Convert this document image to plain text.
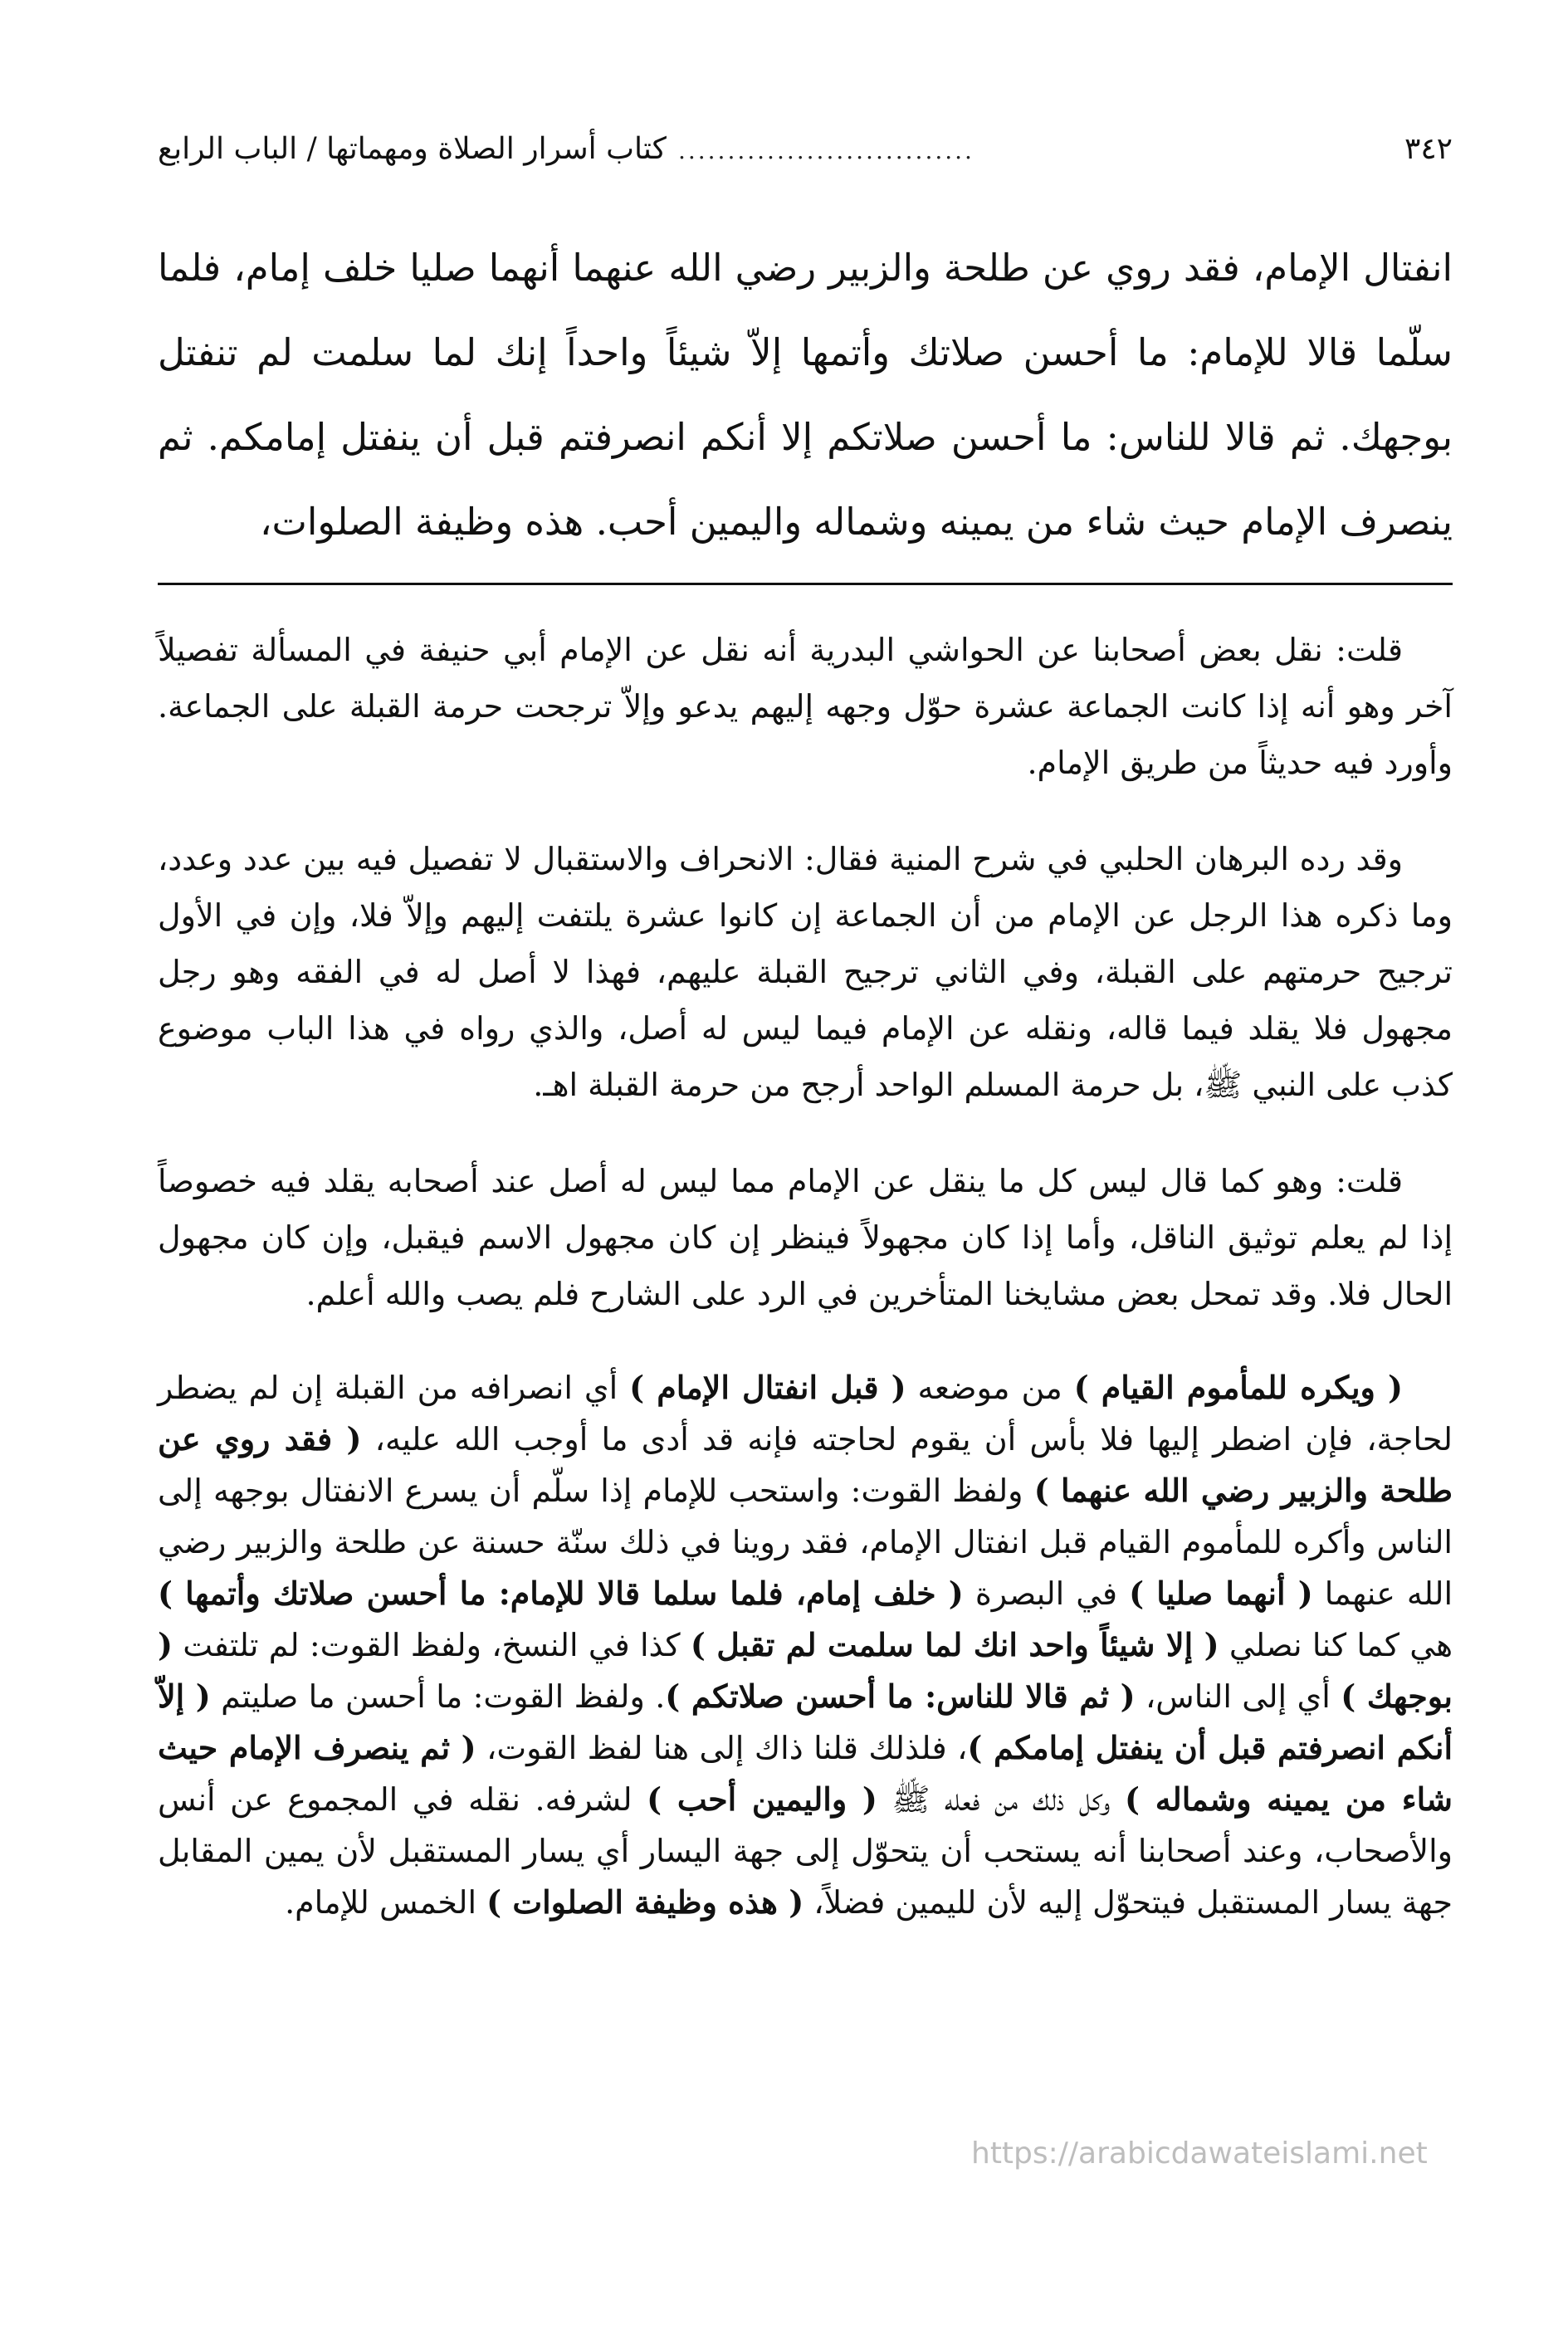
٣٤٢
..............................
كتاب أسرار الصلاة ومهماتها / الباب الرابع
انفتال الإمام، فقد روي عن طلحة والزبير رضي الله عنهما أنهما صليا خلف إمام، فلما سلّما قالا للإمام: ما أحسن صلاتك وأتمها إلاّ شيئاً واحداً إنك لما سلمت لم تنفتل بوجهك. ثم قالا للناس: ما أحسن صلاتكم إلا أنكم انصرفتم قبل أن ينفتل إمامكم. ثم ينصرف الإمام حيث شاء من يمينه وشماله واليمين أحب. هذه وظيفة الصلوات،

قلت: نقل بعض أصحابنا عن الحواشي البدرية أنه نقل عن الإمام أبي حنيفة في المسألة تفصيلاً آخر وهو أنه إذا كانت الجماعة عشرة حوّل وجهه إليهم يدعو وإلاّ ترجحت حرمة القبلة على الجماعة. وأورد فيه حديثاً من طريق الإمام.

وقد رده البرهان الحلبي في شرح المنية فقال: الانحراف والاستقبال لا تفصيل فيه بين عدد وعدد، وما ذكره هذا الرجل عن الإمام من أن الجماعة إن كانوا عشرة يلتفت إليهم وإلاّ فلا، وإن في الأول ترجيح حرمتهم على القبلة، وفي الثاني ترجيح القبلة عليهم، فهذا لا أصل له في الفقه وهو رجل مجهول فلا يقلد فيما قاله، ونقله عن الإمام فيما ليس له أصل، والذي رواه في هذا الباب موضوع كذب على النبي ﷺ، بل حرمة المسلم الواحد أرجح من حرمة القبلة اهـ.

قلت: وهو كما قال ليس كل ما ينقل عن الإمام مما ليس له أصل عند أصحابه يقلد فيه خصوصاً إذا لم يعلم توثيق الناقل، وأما إذا كان مجهولاً فينظر إن كان مجهول الاسم فيقبل، وإن كان مجهول الحال فلا. وقد تمحل بعض مشايخنا المتأخرين في الرد على الشارح فلم يصب والله أعلم.

( ويكره للمأموم القيام ) من موضعه ( قبل انفتال الإمام ) أي انصرافه من القبلة إن لم يضطر لحاجة، فإن اضطر إليها فلا بأس أن يقوم لحاجته فإنه قد أدى ما أوجب الله عليه، ( فقد روي عن طلحة والزبير رضي الله عنهما ) ولفظ القوت: واستحب للإمام إذا سلّم أن يسرع الانفتال بوجهه إلى الناس وأكره للمأموم القيام قبل انفتال الإمام، فقد روينا في ذلك سنّة حسنة عن طلحة والزبير رضي الله عنهما ( أنهما صليا ) في البصرة ( خلف إمام، فلما سلما قالا للإمام: ما أحسن صلاتك وأتمها ) هي كما كنا نصلي ( إلا شيئاً واحد انك لما سلمت لم تقبل ) كذا في النسخ، ولفظ القوت: لم تلتفت ( بوجهك ) أي إلى الناس، ( ثم قالا للناس: ما أحسن صلاتكم ). ولفظ القوت: ما أحسن ما صليتم ( إلاّ أنكم انصرفتم قبل أن ينفتل إمامكم )، فلذلك قلنا ذاك إلى هنا لفظ القوت، ( ثم ينصرف الإمام حيث شاء من يمينه وشماله ) وكل ذلك من فعله ﷺ ( واليمين أحب ) لشرفه. نقله في المجموع عن أنس والأصحاب، وعند أصحابنا أنه يستحب أن يتحوّل إلى جهة اليسار أي يسار المستقبل لأن يمين المقابل جهة يسار المستقبل فيتحوّل إليه لأن لليمين فضلاً، ( هذه وظيفة الصلوات ) الخمس للإمام.

https://arabicdawateislami.net
